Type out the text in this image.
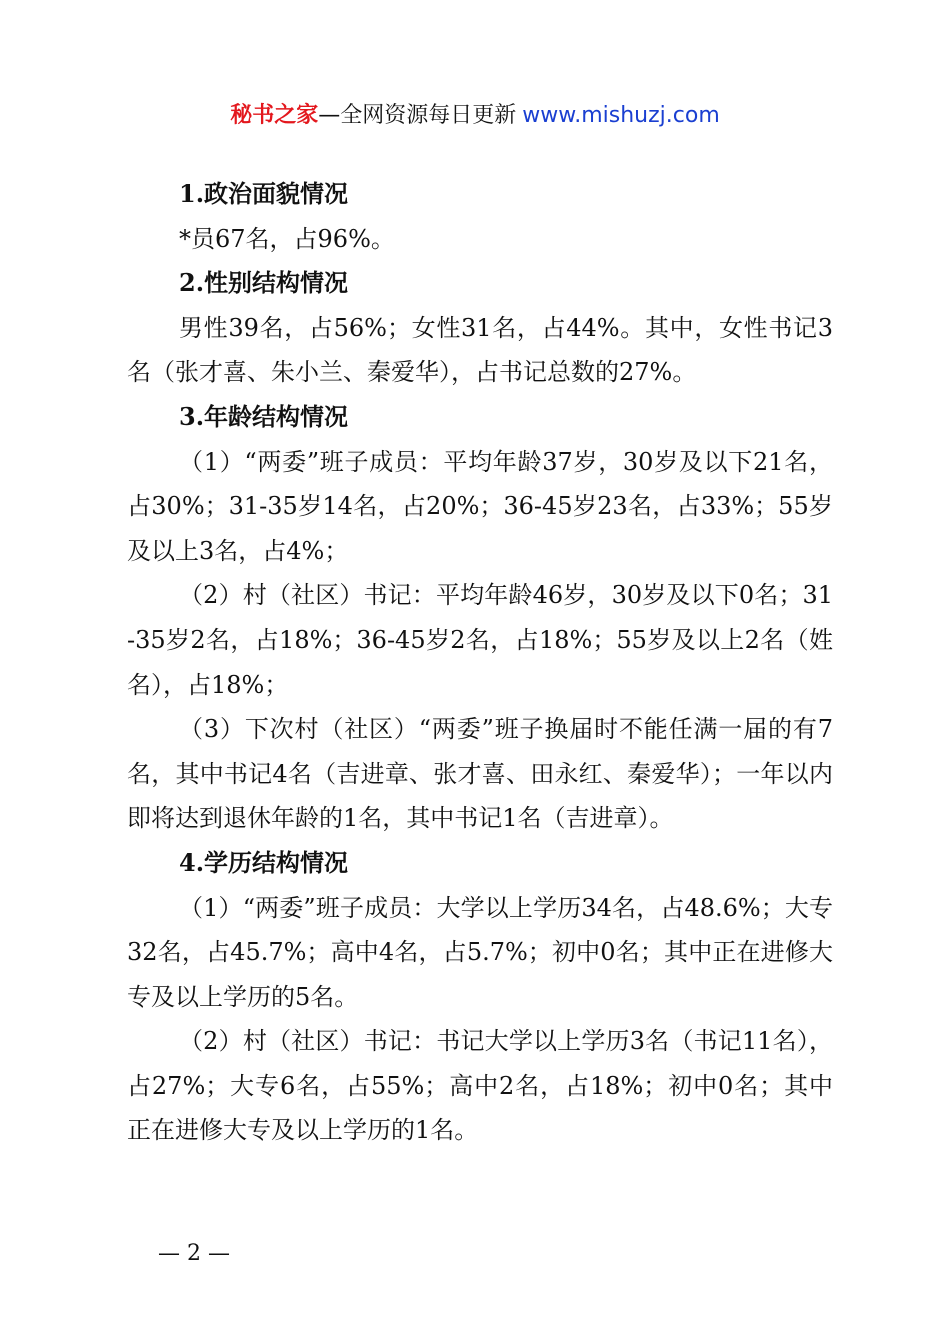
秘书之家—全网资源每日更新 www.mishuzj.com

1.政治面貌情况

*员67名，占96%。

2.性别结构情况

男性39名，占56%；女性31名，占44%。其中，女性书记3名（张才喜、朱小兰、秦爱华），占书记总数的27%。

3.年龄结构情况

（1）“两委”班子成员：平均年龄37岁，30岁及以下21名，占30%；31-35岁14名，占20%；36-45岁23名，占33%；55岁及以上3名，占4%；

（2）村（社区）书记：平均年龄46岁，30岁及以下0名；31-35岁2名，占18%；36-45岁2名，占18%；55岁及以上2名（姓名），占18%；

（3）下次村（社区）“两委”班子换届时不能任满一届的有7名，其中书记4名（吉进章、张才喜、田永红、秦爱华）；一年以内即将达到退休年龄的1名，其中书记1名（吉进章）。

4.学历结构情况

（1）“两委”班子成员：大学以上学历34名，占48.6%；大专32名，占45.7%；高中4名，占5.7%；初中0名；其中正在进修大专及以上学历的5名。

（2）村（社区）书记：书记大学以上学历3名（书记11名），占27%；大专6名，占55%；高中2名，占18%；初中0名；其中正在进修大专及以上学历的1名。

— 2 —
